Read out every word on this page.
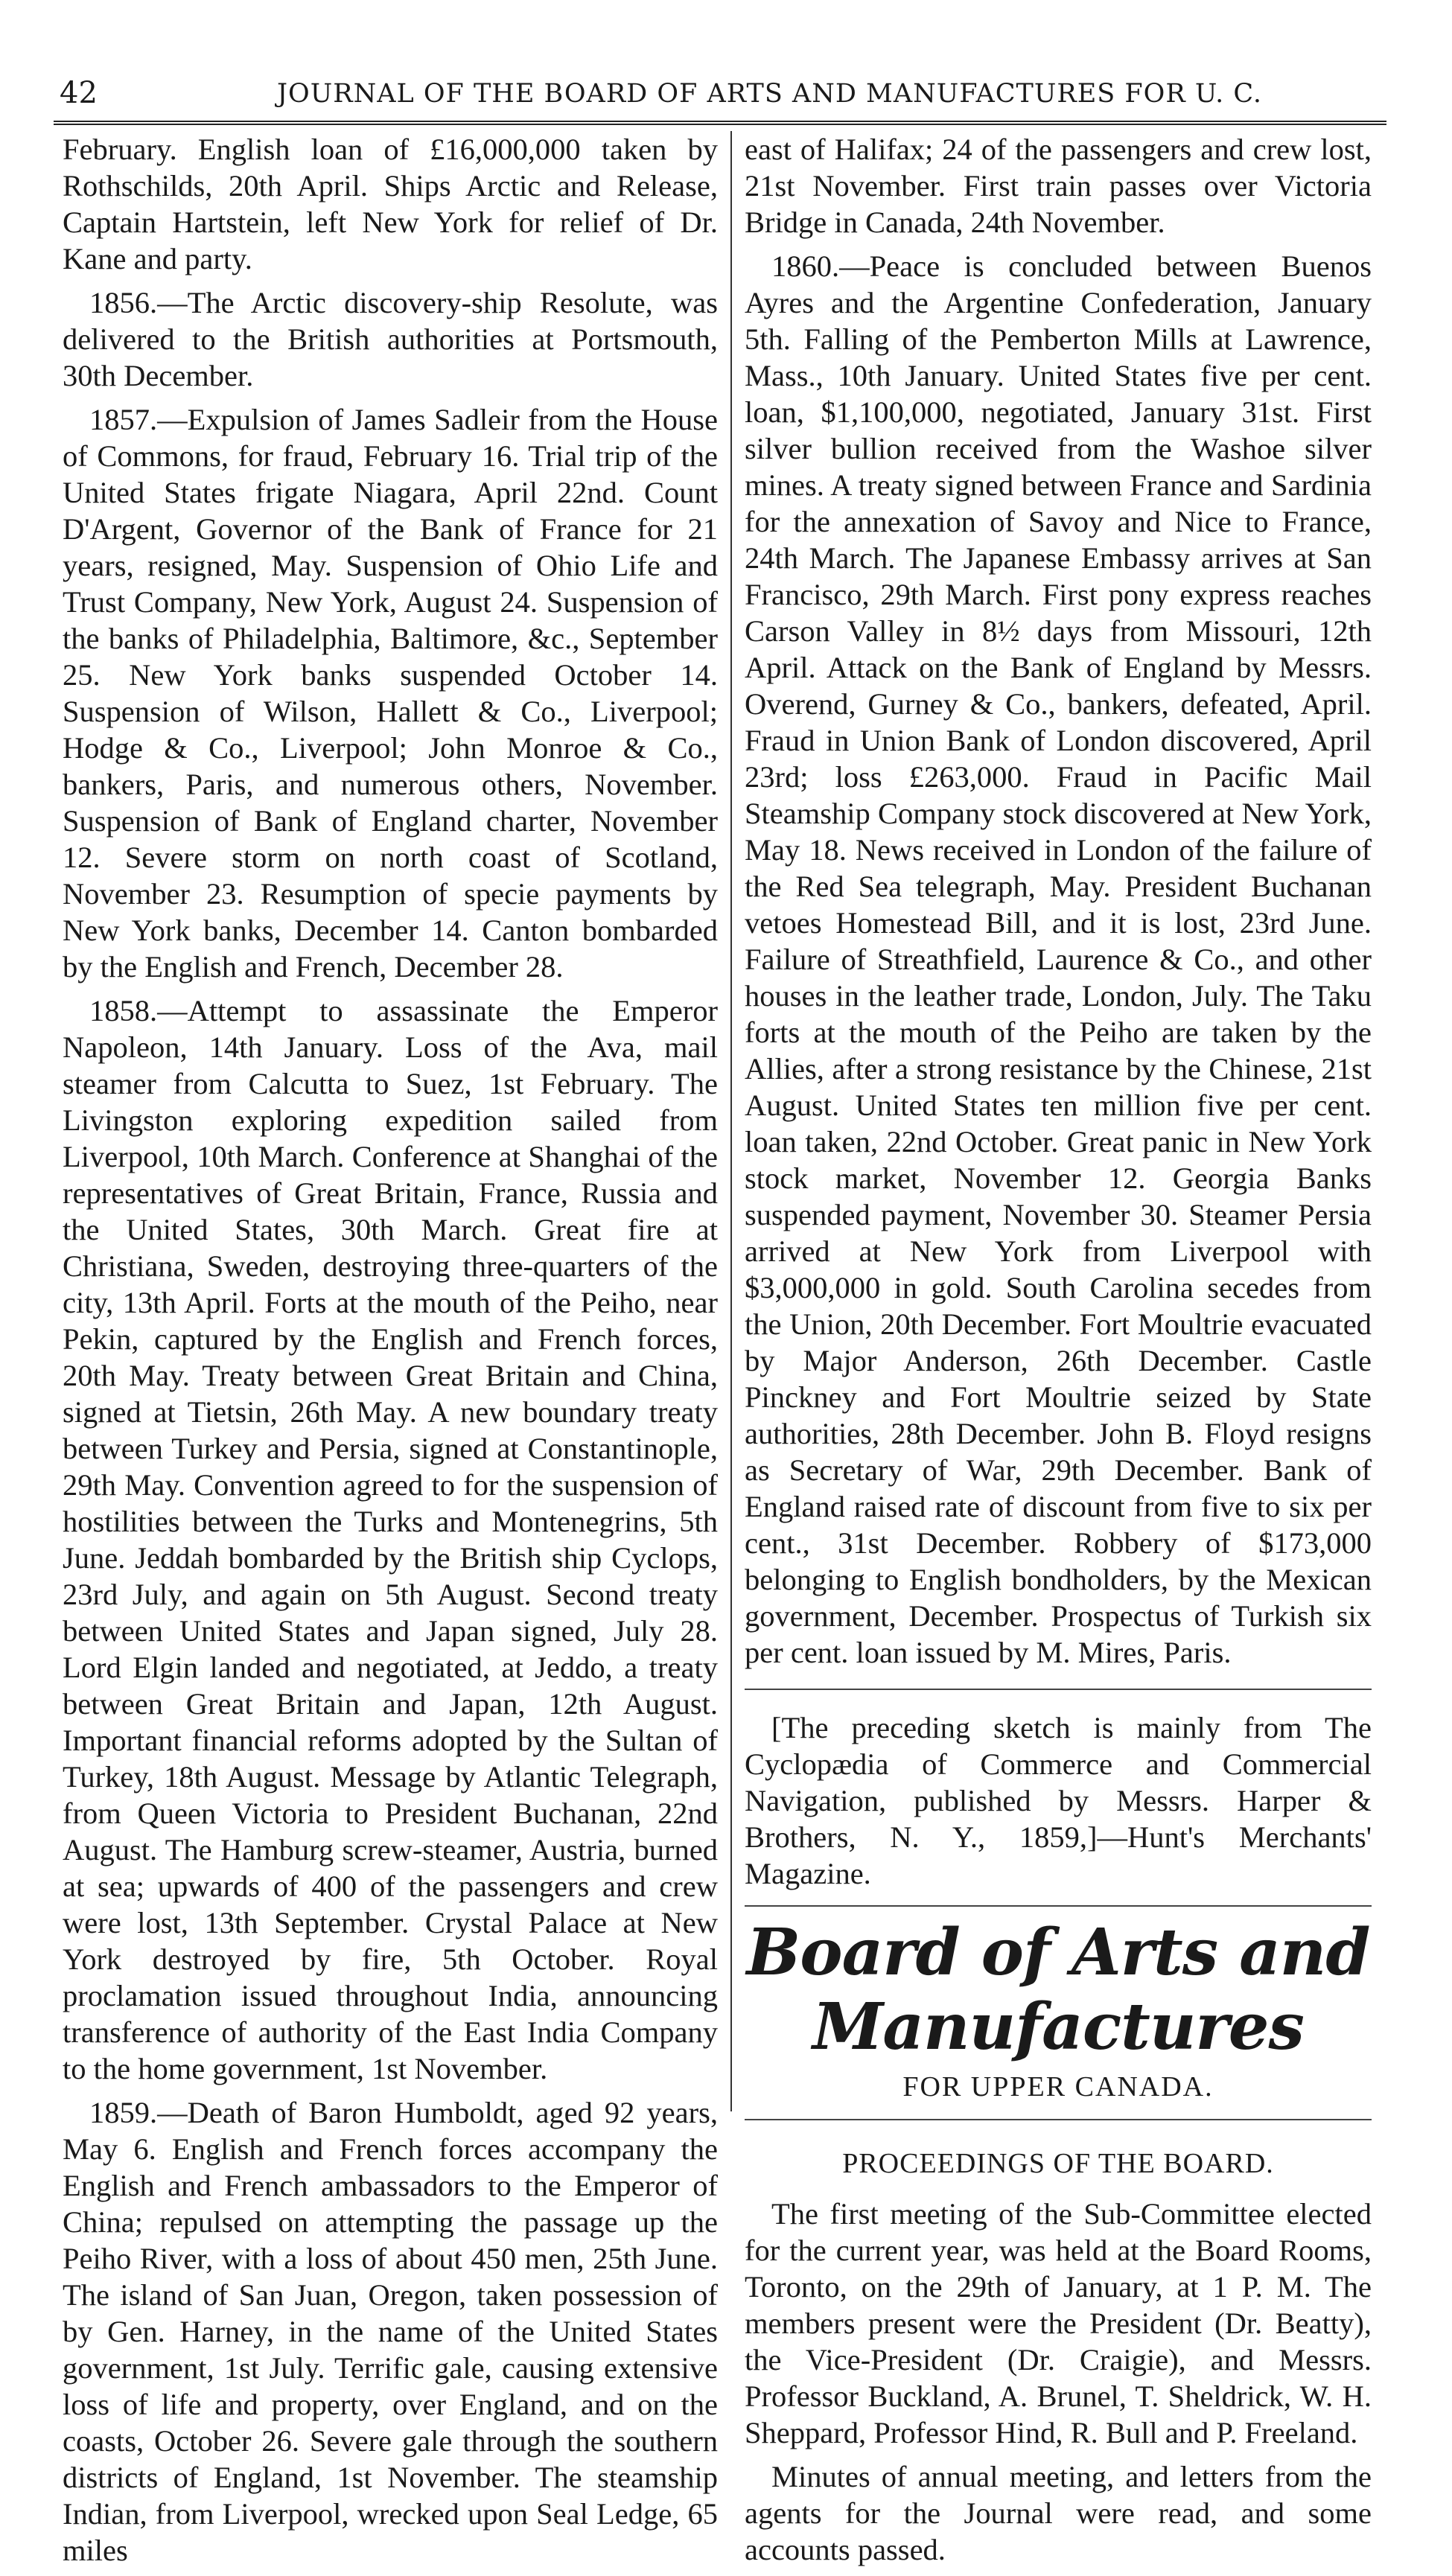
42	JOURNAL OF THE BOARD OF ARTS AND MANUFACTURES FOR U. C.

February. English loan of £16,000,000 taken by Rothschilds, 20th April. Ships Arctic and Release, Captain Hartstein, left New York for relief of Dr. Kane and party.

1856.—The Arctic discovery-ship Resolute, was delivered to the British authorities at Portsmouth, 30th December.

1857.—Expulsion of James Sadleir from the House of Commons, for fraud, February 16. Trial trip of the United States frigate Niagara, April 22nd. Count D'Argent, Governor of the Bank of France for 21 years, resigned, May. Suspension of Ohio Life and Trust Company, New York, August 24. Suspension of the banks of Philadelphia, Baltimore, &c., September 25. New York banks suspended October 14. Suspension of Wilson, Hallett & Co., Liverpool; Hodge & Co., Liverpool; John Monroe & Co., bankers, Paris, and numerous others, November. Suspension of Bank of England charter, November 12. Severe storm on north coast of Scotland, November 23. Resumption of specie payments by New York banks, December 14. Canton bombarded by the English and French, December 28.

1858.—Attempt to assassinate the Emperor Napoleon, 14th January. Loss of the Ava, mail steamer from Calcutta to Suez, 1st February. The Livingston exploring expedition sailed from Liverpool, 10th March. Conference at Shanghai of the representatives of Great Britain, France, Russia and the United States, 30th March. Great fire at Christiana, Sweden, destroying three-quarters of the city, 13th April. Forts at the mouth of the Peiho, near Pekin, captured by the English and French forces, 20th May. Treaty between Great Britain and China, signed at Tietsin, 26th May. A new boundary treaty between Turkey and Persia, signed at Constantinople, 29th May. Convention agreed to for the suspension of hostilities between the Turks and Montenegrins, 5th June. Jeddah bombarded by the British ship Cyclops, 23rd July, and again on 5th August. Second treaty between United States and Japan signed, July 28. Lord Elgin landed and negotiated, at Jeddo, a treaty between Great Britain and Japan, 12th August. Important financial reforms adopted by the Sultan of Turkey, 18th August. Message by Atlantic Telegraph, from Queen Victoria to President Buchanan, 22nd August. The Hamburg screw-steamer, Austria, burned at sea; upwards of 400 of the passengers and crew were lost, 13th September. Crystal Palace at New York destroyed by fire, 5th October. Royal proclamation issued throughout India, announcing transference of authority of the East India Company to the home government, 1st November.

1859.—Death of Baron Humboldt, aged 92 years, May 6. English and French forces accompany the English and French ambassadors to the Emperor of China; repulsed on attempting the passage up the Peiho River, with a loss of about 450 men, 25th June. The island of San Juan, Oregon, taken possession of by Gen. Harney, in the name of the United States government, 1st July. Terrific gale, causing extensive loss of life and property, over England, and on the coasts, October 26. Severe gale through the southern districts of England, 1st November. The steamship Indian, from Liverpool, wrecked upon Seal Ledge, 65 miles

east of Halifax; 24 of the passengers and crew lost, 21st November. First train passes over Victoria Bridge in Canada, 24th November.

1860.—Peace is concluded between Buenos Ayres and the Argentine Confederation, January 5th. Falling of the Pemberton Mills at Lawrence, Mass., 10th January. United States five per cent. loan, $1,100,000, negotiated, January 31st. First silver bullion received from the Washoe silver mines. A treaty signed between France and Sardinia for the annexation of Savoy and Nice to France, 24th March. The Japanese Embassy arrives at San Francisco, 29th March. First pony express reaches Carson Valley in 8½ days from Missouri, 12th April. Attack on the Bank of England by Messrs. Overend, Gurney & Co., bankers, defeated, April. Fraud in Union Bank of London discovered, April 23rd; loss £263,000. Fraud in Pacific Mail Steamship Company stock discovered at New York, May 18. News received in London of the failure of the Red Sea telegraph, May. President Buchanan vetoes Homestead Bill, and it is lost, 23rd June. Failure of Streathfield, Laurence & Co., and other houses in the leather trade, London, July. The Taku forts at the mouth of the Peiho are taken by the Allies, after a strong resistance by the Chinese, 21st August. United States ten million five per cent. loan taken, 22nd October. Great panic in New York stock market, November 12. Georgia Banks suspended payment, November 30. Steamer Persia arrived at New York from Liverpool with $3,000,000 in gold. South Carolina secedes from the Union, 20th December. Fort Moultrie evacuated by Major Anderson, 26th December. Castle Pinckney and Fort Moultrie seized by State authorities, 28th December. John B. Floyd resigns as Secretary of War, 29th December. Bank of England raised rate of discount from five to six per cent., 31st December. Robbery of $173,000 belonging to English bondholders, by the Mexican government, December. Prospectus of Turkish six per cent. loan issued by M. Mires, Paris.

[The preceding sketch is mainly from The Cyclopædia of Commerce and Commercial Navigation, published by Messrs. Harper & Brothers, N. Y., 1859,]—Hunt's Merchants' Magazine.

Board of Arts and Manufactures
FOR UPPER CANADA.
PROCEEDINGS OF THE BOARD.

The first meeting of the Sub-Committee elected for the current year, was held at the Board Rooms, Toronto, on the 29th of January, at 1 P. M. The members present were the President (Dr. Beatty), the Vice-President (Dr. Craigie), and Messrs. Professor Buckland, A. Brunel, T. Sheldrick, W. H. Sheppard, Professor Hind, R. Bull and P. Freeland.

Minutes of annual meeting, and letters from the agents for the Journal were read, and some accounts passed.
